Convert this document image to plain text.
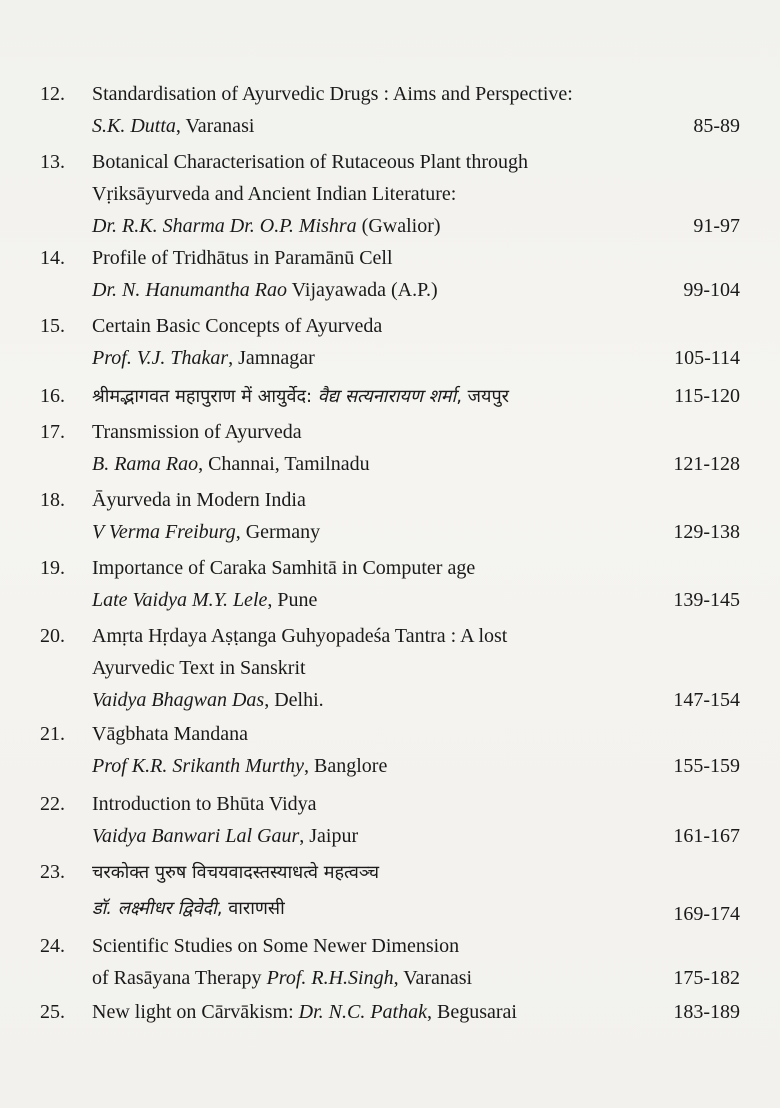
12.	Standardisation of Ayurvedic Drugs : Aims and Perspective:
S.K. Dutta, Varanasi	85-89
13.	Botanical Characterisation of Rutaceous Plant through
Vṛiksāyurveda and Ancient Indian Literature:
Dr. R.K. Sharma Dr. O.P. Mishra (Gwalior)	91-97
14.	Profile of Tridhātus in Paramānū Cell
Dr. N. Hanumantha Rao Vijayawada (A.P.)	99-104
15.	Certain Basic Concepts of Ayurveda
Prof. V.J. Thakar, Jamnagar	105-114
16.	श्रीमद्भागवत महापुराण में आयुर्वेद: वैद्य सत्यनारायण शर्मा, जयपुर	115-120
17.	Transmission of Ayurveda
B. Rama Rao, Channai, Tamilnadu	121-128
18.	Āyurveda in Modern India
V Verma Freiburg, Germany	129-138
19.	Importance of Caraka Samhitā in Computer age
Late Vaidya M.Y. Lele, Pune	139-145
20.	Amṛta Hṛdaya Aṣṭanga Guhyopadeśa Tantra : A lost
Ayurvedic Text in Sanskrit
Vaidya Bhagwan Das, Delhi.	147-154
21.	Vāgbhata Mandana
Prof K.R. Srikanth Murthy, Banglore	155-159
22.	Introduction to Bhūta Vidya
Vaidya Banwari Lal Gaur, Jaipur	161-167
23.	चरकोक्त पुरुष विचयवादस्तस्याधत्वे महत्वञ्च
डॉ. लक्ष्मीधर द्विवेदी, वाराणसी	169-174
24.	Scientific Studies on Some Newer Dimension
of Rasāyana Therapy Prof. R.H.Singh, Varanasi	175-182
25.	New light on Cārvākism: Dr. N.C. Pathak, Begusarai	183-189
